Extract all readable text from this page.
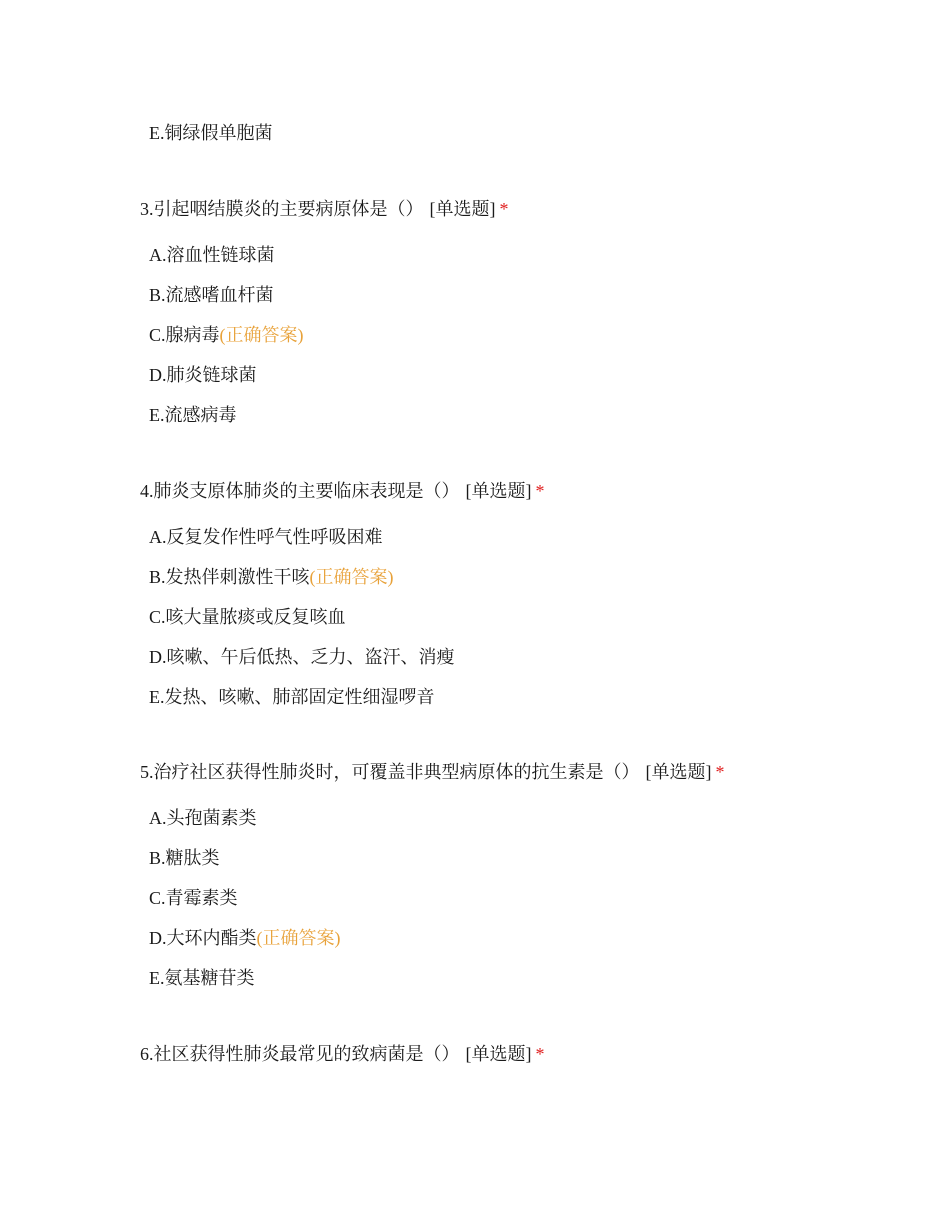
E.铜绿假单胞菌
3.引起咽结膜炎的主要病原体是（） [单选题] *
A.溶血性链球菌
B.流感嗜血杆菌
C.腺病毒(正确答案)
D.肺炎链球菌
E.流感病毒
4.肺炎支原体肺炎的主要临床表现是（） [单选题] *
A.反复发作性呼气性呼吸困难
B.发热伴刺激性干咳(正确答案)
C.咳大量脓痰或反复咳血
D.咳嗽、午后低热、乏力、盗汗、消瘦
E.发热、咳嗽、肺部固定性细湿啰音
5.治疗社区获得性肺炎时，可覆盖非典型病原体的抗生素是（） [单选题] *
A.头孢菌素类
B.糖肽类
C.青霉素类
D.大环内酯类(正确答案)
E.氨基糖苷类
6.社区获得性肺炎最常见的致病菌是（） [单选题] *
